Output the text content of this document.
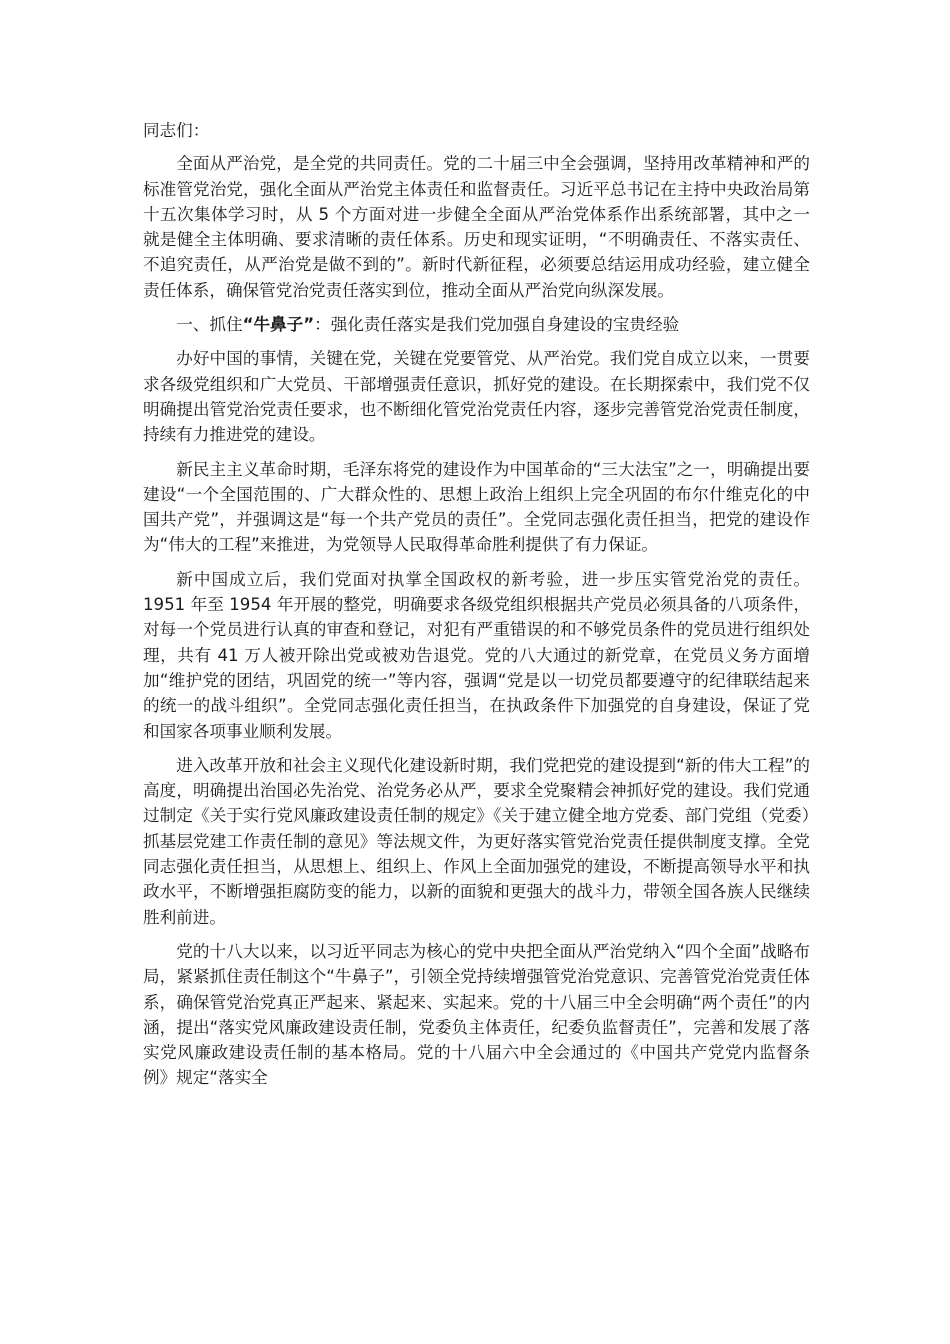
同志们：

全面从严治党，是全党的共同责任。党的二十届三中全会强调，坚持用改革精神和严的标准管党治党，强化全面从严治党主体责任和监督责任。习近平总书记在主持中央政治局第十五次集体学习时，从 5 个方面对进一步健全全面从严治党体系作出系统部署，其中之一就是健全主体明确、要求清晰的责任体系。历史和现实证明，“不明确责任、不落实责任、不追究责任，从严治党是做不到的”。新时代新征程，必须要总结运用成功经验，建立健全责任体系，确保管党治党责任落实到位，推动全面从严治党向纵深发展。

一、抓住“牛鼻子”：强化责任落实是我们党加强自身建设的宝贵经验

办好中国的事情，关键在党，关键在党要管党、从严治党。我们党自成立以来，一贯要求各级党组织和广大党员、干部增强责任意识，抓好党的建设。在长期探索中，我们党不仅明确提出管党治党责任要求，也不断细化管党治党责任内容，逐步完善管党治党责任制度，持续有力推进党的建设。

新民主主义革命时期，毛泽东将党的建设作为中国革命的“三大法宝”之一，明确提出要建设“一个全国范围的、广大群众性的、思想上政治上组织上完全巩固的布尔什维克化的中国共产党”，并强调这是“每一个共产党员的责任”。全党同志强化责任担当，把党的建设作为“伟大的工程”来推进，为党领导人民取得革命胜利提供了有力保证。

新中国成立后，我们党面对执掌全国政权的新考验，进一步压实管党治党的责任。1951 年至 1954 年开展的整党，明确要求各级党组织根据共产党员必须具备的八项条件，对每一个党员进行认真的审查和登记，对犯有严重错误的和不够党员条件的党员进行组织处理，共有 41 万人被开除出党或被劝告退党。党的八大通过的新党章，在党员义务方面增加“维护党的团结，巩固党的统一”等内容，强调“党是以一切党员都要遵守的纪律联结起来的统一的战斗组织”。全党同志强化责任担当，在执政条件下加强党的自身建设，保证了党和国家各项事业顺利发展。

进入改革开放和社会主义现代化建设新时期，我们党把党的建设提到“新的伟大工程”的高度，明确提出治国必先治党、治党务必从严，要求全党聚精会神抓好党的建设。我们党通过制定《关于实行党风廉政建设责任制的规定》《关于建立健全地方党委、部门党组（党委）抓基层党建工作责任制的意见》等法规文件，为更好落实管党治党责任提供制度支撑。全党同志强化责任担当，从思想上、组织上、作风上全面加强党的建设，不断提高领导水平和执政水平，不断增强拒腐防变的能力，以新的面貌和更强大的战斗力，带领全国各族人民继续胜利前进。

党的十八大以来，以习近平同志为核心的党中央把全面从严治党纳入“四个全面”战略布局，紧紧抓住责任制这个“牛鼻子”，引领全党持续增强管党治党意识、完善管党治党责任体系，确保管党治党真正严起来、紧起来、实起来。党的十八届三中全会明确“两个责任”的内涵，提出“落实党风廉政建设责任制，党委负主体责任，纪委负监督责任”，完善和发展了落实党风廉政建设责任制的基本格局。党的十八届六中全会通过的《中国共产党党内监督条例》规定“落实全
